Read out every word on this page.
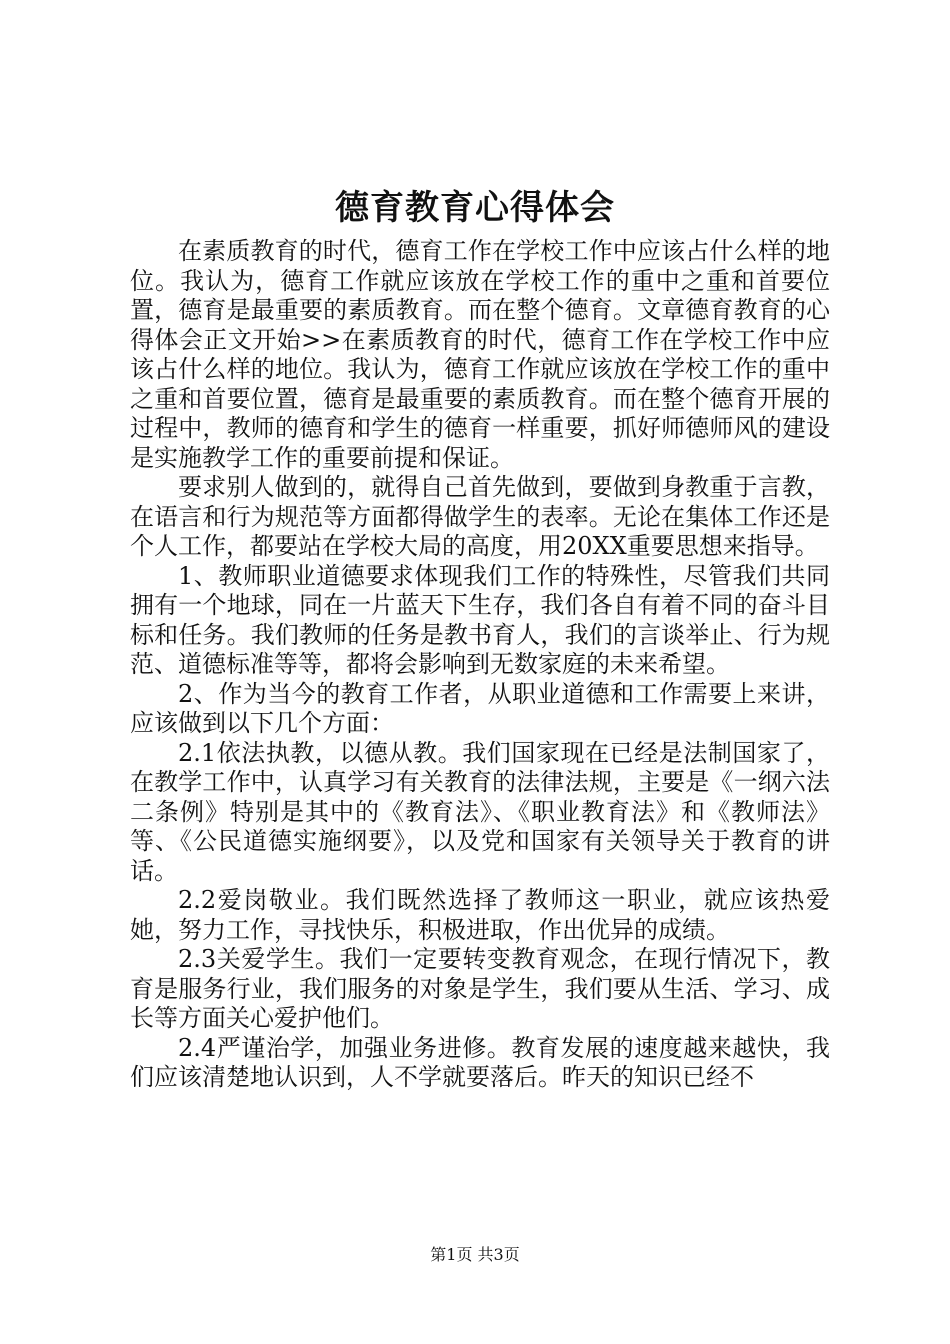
德育教育心得体会

在素质教育的时代，德育工作在学校工作中应该占什么样的地位。我认为，德育工作就应该放在学校工作的重中之重和首要位置，德育是最重要的素质教育。而在整个德育。文章德育教育的心得体会正文开始>>在素质教育的时代，德育工作在学校工作中应该占什么样的地位。我认为，德育工作就应该放在学校工作的重中之重和首要位置，德育是最重要的素质教育。而在整个德育开展的过程中，教师的德育和学生的德育一样重要，抓好师德师风的建设是实施教学工作的重要前提和保证。

要求别人做到的，就得自己首先做到，要做到身教重于言教，在语言和行为规范等方面都得做学生的表率。无论在集体工作还是个人工作，都要站在学校大局的高度，用20XX重要思想来指导。

1、教师职业道德要求体现我们工作的特殊性，尽管我们共同拥有一个地球，同在一片蓝天下生存，我们各自有着不同的奋斗目标和任务。我们教师的任务是教书育人，我们的言谈举止、行为规范、道德标准等等，都将会影响到无数家庭的未来希望。

2、作为当今的教育工作者，从职业道德和工作需要上来讲，应该做到以下几个方面：

2.1依法执教，以德从教。我们国家现在已经是法制国家了，在教学工作中，认真学习有关教育的法律法规，主要是《一纲六法二条例》特别是其中的《教育法》、《职业教育法》和《教师法》等、《公民道德实施纲要》，以及党和国家有关领导关于教育的讲话。

2.2爱岗敬业。我们既然选择了教师这一职业，就应该热爱她，努力工作，寻找快乐，积极进取，作出优异的成绩。

2.3关爱学生。我们一定要转变教育观念，在现行情况下，教育是服务行业，我们服务的对象是学生，我们要从生活、学习、成长等方面关心爱护他们。

2.4严谨治学，加强业务进修。教育发展的速度越来越快，我们应该清楚地认识到，人不学就要落后。昨天的知识已经不

第1页 共3页
